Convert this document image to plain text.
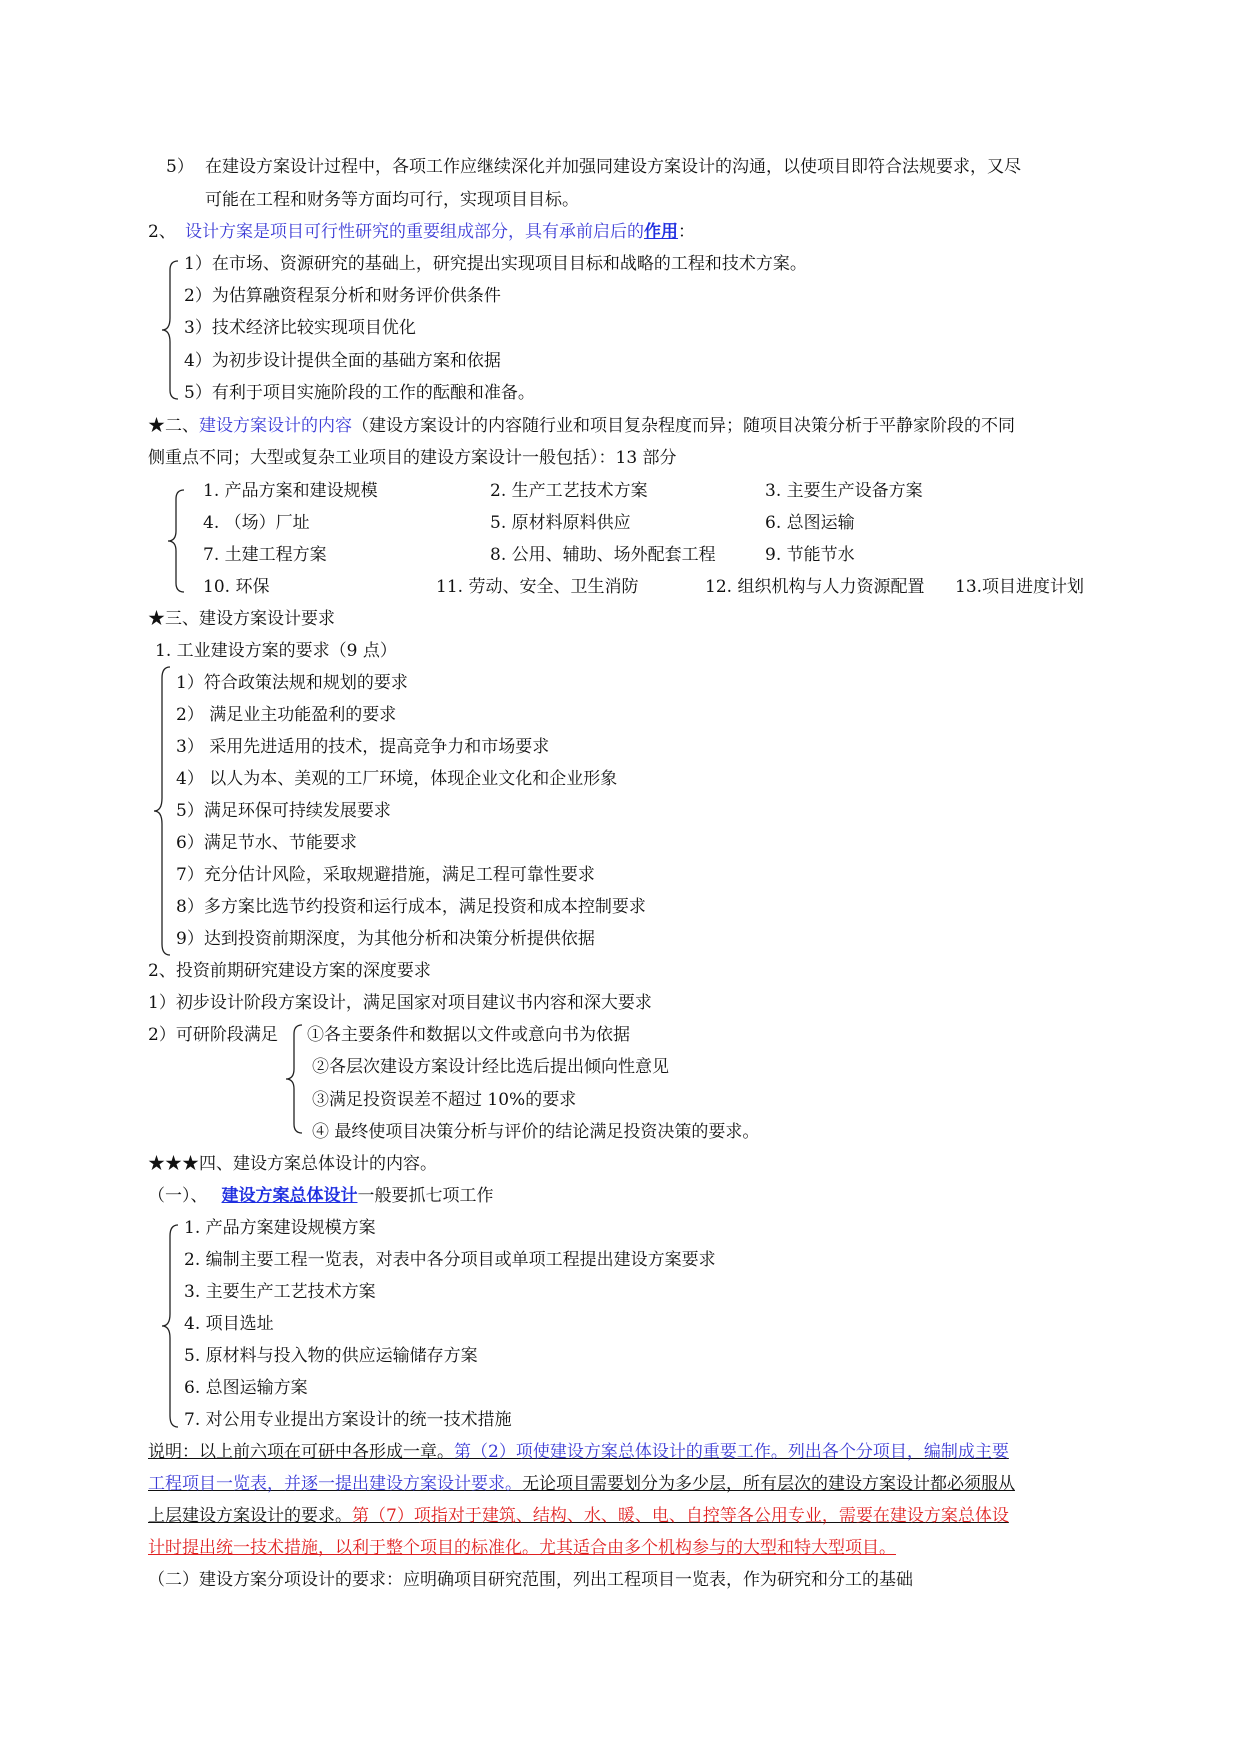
5） 在建设方案设计过程中，各项工作应继续深化并加强同建设方案设计的沟通，以使项目即符合法规要求，又尽
可能在工程和财务等方面均可行，实现项目目标。
2、 设计方案是项目可行性研究的重要组成部分，具有承前启后的作用：
1）在市场、资源研究的基础上，研究提出实现项目目标和战略的工程和技术方案。
2）为估算融资程泵分析和财务评价供条件
3）技术经济比较实现项目优化
4）为初步设计提供全面的基础方案和依据
5）有利于项目实施阶段的工作的酝酿和准备。
★二、建设方案设计的内容（建设方案设计的内容随行业和项目复杂程度而异；随项目决策分析于平静家阶段的不同
侧重点不同；大型或复杂工业项目的建设方案设计一般包括）：13 部分
1. 产品方案和建设规模	2. 生产工艺技术方案	3. 主要生产设备方案
4. （场）厂址	5. 原材料原料供应	6. 总图运输
7. 土建工程方案	8. 公用、辅助、场外配套工程	9. 节能节水
10. 环保	11. 劳动、安全、卫生消防	12. 组织机构与人力资源配置 13.项目进度计划
★三、建设方案设计要求
1. 工业建设方案的要求（9 点）
1）符合政策法规和规划的要求
2） 满足业主功能盈利的要求
3） 采用先进适用的技术，提高竞争力和市场要求
4） 以人为本、美观的工厂环境，体现企业文化和企业形象
5）满足环保可持续发展要求
6）满足节水、节能要求
7）充分估计风险，采取规避措施，满足工程可靠性要求
8）多方案比选节约投资和运行成本，满足投资和成本控制要求
9）达到投资前期深度，为其他分析和决策分析提供依据
2、投资前期研究建设方案的深度要求
1）初步设计阶段方案设计，满足国家对项目建议书内容和深大要求
2）可研阶段满足 ①各主要条件和数据以文件或意向书为依据
②各层次建设方案设计经比选后提出倾向性意见
③满足投资误差不超过 10%的要求
④ 最终使项目决策分析与评价的结论满足投资决策的要求。
★★★四、建设方案总体设计的内容。
（一）、 建设方案总体设计一般要抓七项工作
1. 产品方案建设规模方案
2. 编制主要工程一览表，对表中各分项目或单项工程提出建设方案要求
3. 主要生产工艺技术方案
4. 项目选址
5. 原材料与投入物的供应运输储存方案
6. 总图运输方案
7. 对公用专业提出方案设计的统一技术措施
说明：以上前六项在可研中各形成一章。第（2）项使建设方案总体设计的重要工作。列出各个分项目，编制成主要
工程项目一览表，并逐一提出建设方案设计要求。无论项目需要划分为多少层，所有层次的建设方案设计都必须服从
上层建设方案设计的要求。第（7）项指对于建筑、结构、水、暖、电、自控等各公用专业，需要在建设方案总体设
计时提出统一技术措施，以利于整个项目的标准化。尤其适合由多个机构参与的大型和特大型项目。
（二）建设方案分项设计的要求：应明确项目研究范围，列出工程项目一览表，作为研究和分工的基础
